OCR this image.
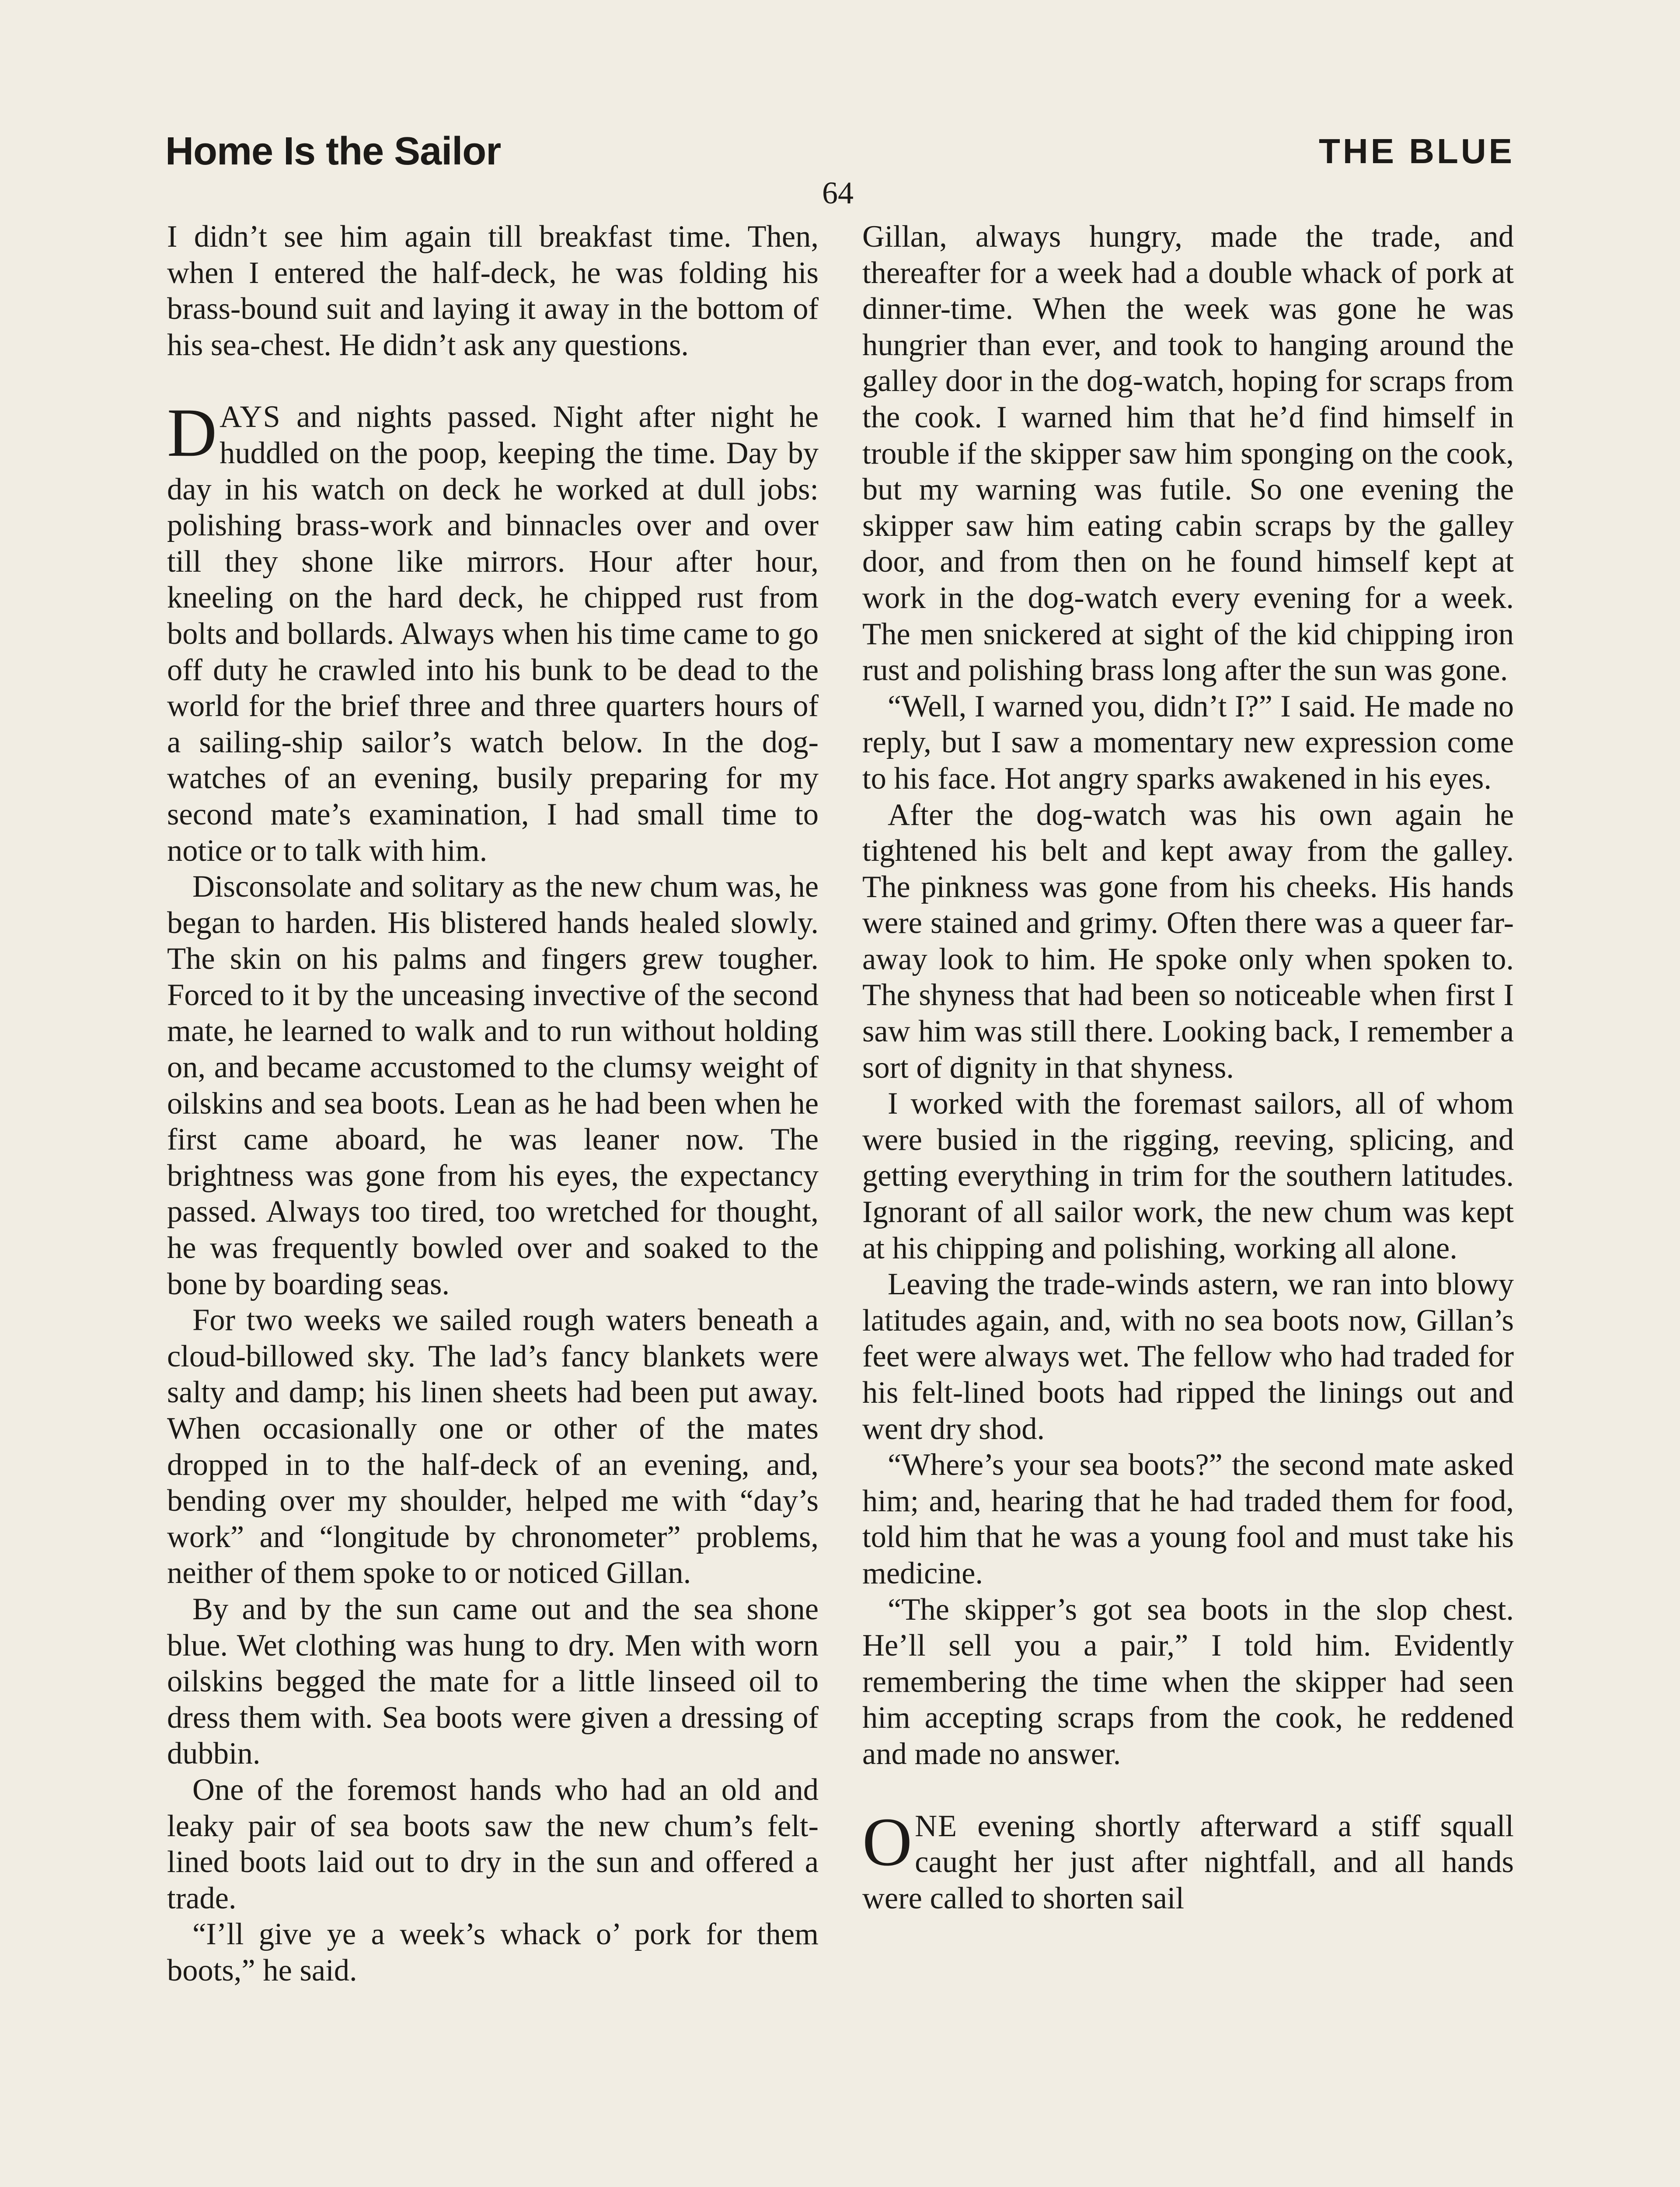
Home Is the Sailor	THE BLUE
64

I didn’t see him again till breakfast time. Then, when I entered the half-deck, he was folding his brass-bound suit and laying it away in the bottom of his sea-chest. He didn’t ask any questions.

DAYS and nights passed. Night after night he huddled on the poop, keeping the time. Day by day in his watch on deck he worked at dull jobs: polishing brass-work and binnacles over and over till they shone like mirrors. Hour after hour, kneeling on the hard deck, he chipped rust from bolts and bollards. Always when his time came to go off duty he crawled into his bunk to be dead to the world for the brief three and three quarters hours of a sailing-ship sailor’s watch below. In the dog-watches of an evening, busily preparing for my second mate’s examination, I had small time to notice or to talk with him.

Disconsolate and solitary as the new chum was, he began to harden. His blistered hands healed slowly. The skin on his palms and fingers grew tougher. Forced to it by the unceasing invective of the second mate, he learned to walk and to run without holding on, and became accustomed to the clumsy weight of oilskins and sea boots. Lean as he had been when he first came aboard, he was leaner now. The brightness was gone from his eyes, the expectancy passed. Always too tired, too wretched for thought, he was frequently bowled over and soaked to the bone by boarding seas.

For two weeks we sailed rough waters beneath a cloud-billowed sky. The lad’s fancy blankets were salty and damp; his linen sheets had been put away. When occasionally one or other of the mates dropped in to the half-deck of an evening, and, bending over my shoulder, helped me with “day’s work” and “longitude by chronometer” problems, neither of them spoke to or noticed Gillan.

By and by the sun came out and the sea shone blue. Wet clothing was hung to dry. Men with worn oilskins begged the mate for a little linseed oil to dress them with. Sea boots were given a dressing of dubbin.

One of the foremost hands who had an old and leaky pair of sea boots saw the new chum’s felt-lined boots laid out to dry in the sun and offered a trade.

“I’ll give ye a week’s whack o’ pork for them boots,” he said.

Gillan, always hungry, made the trade, and thereafter for a week had a double whack of pork at dinner-time. When the week was gone he was hungrier than ever, and took to hanging around the galley door in the dog-watch, hoping for scraps from the cook. I warned him that he’d find himself in trouble if the skipper saw him sponging on the cook, but my warning was futile. So one evening the skipper saw him eating cabin scraps by the galley door, and from then on he found himself kept at work in the dog-watch every evening for a week. The men snickered at sight of the kid chipping iron rust and polishing brass long after the sun was gone.

“Well, I warned you, didn’t I?” I said. He made no reply, but I saw a momentary new expression come to his face. Hot angry sparks awakened in his eyes.

After the dog-watch was his own again he tightened his belt and kept away from the galley. The pinkness was gone from his cheeks. His hands were stained and grimy. Often there was a queer far-away look to him. He spoke only when spoken to. The shyness that had been so noticeable when first I saw him was still there. Looking back, I remember a sort of dignity in that shyness.

I worked with the foremast sailors, all of whom were busied in the rigging, reeving, splicing, and getting everything in trim for the southern latitudes. Ignorant of all sailor work, the new chum was kept at his chipping and polishing, working all alone.

Leaving the trade-winds astern, we ran into blowy latitudes again, and, with no sea boots now, Gillan’s feet were always wet. The fellow who had traded for his felt-lined boots had ripped the linings out and went dry shod.

“Where’s your sea boots?” the second mate asked him; and, hearing that he had traded them for food, told him that he was a young fool and must take his medicine.

“The skipper’s got sea boots in the slop chest. He’ll sell you a pair,” I told him. Evidently remembering the time when the skipper had seen him accepting scraps from the cook, he reddened and made no answer.

ONE evening shortly afterward a stiff squall caught her just after nightfall, and all hands were called to shorten sail
